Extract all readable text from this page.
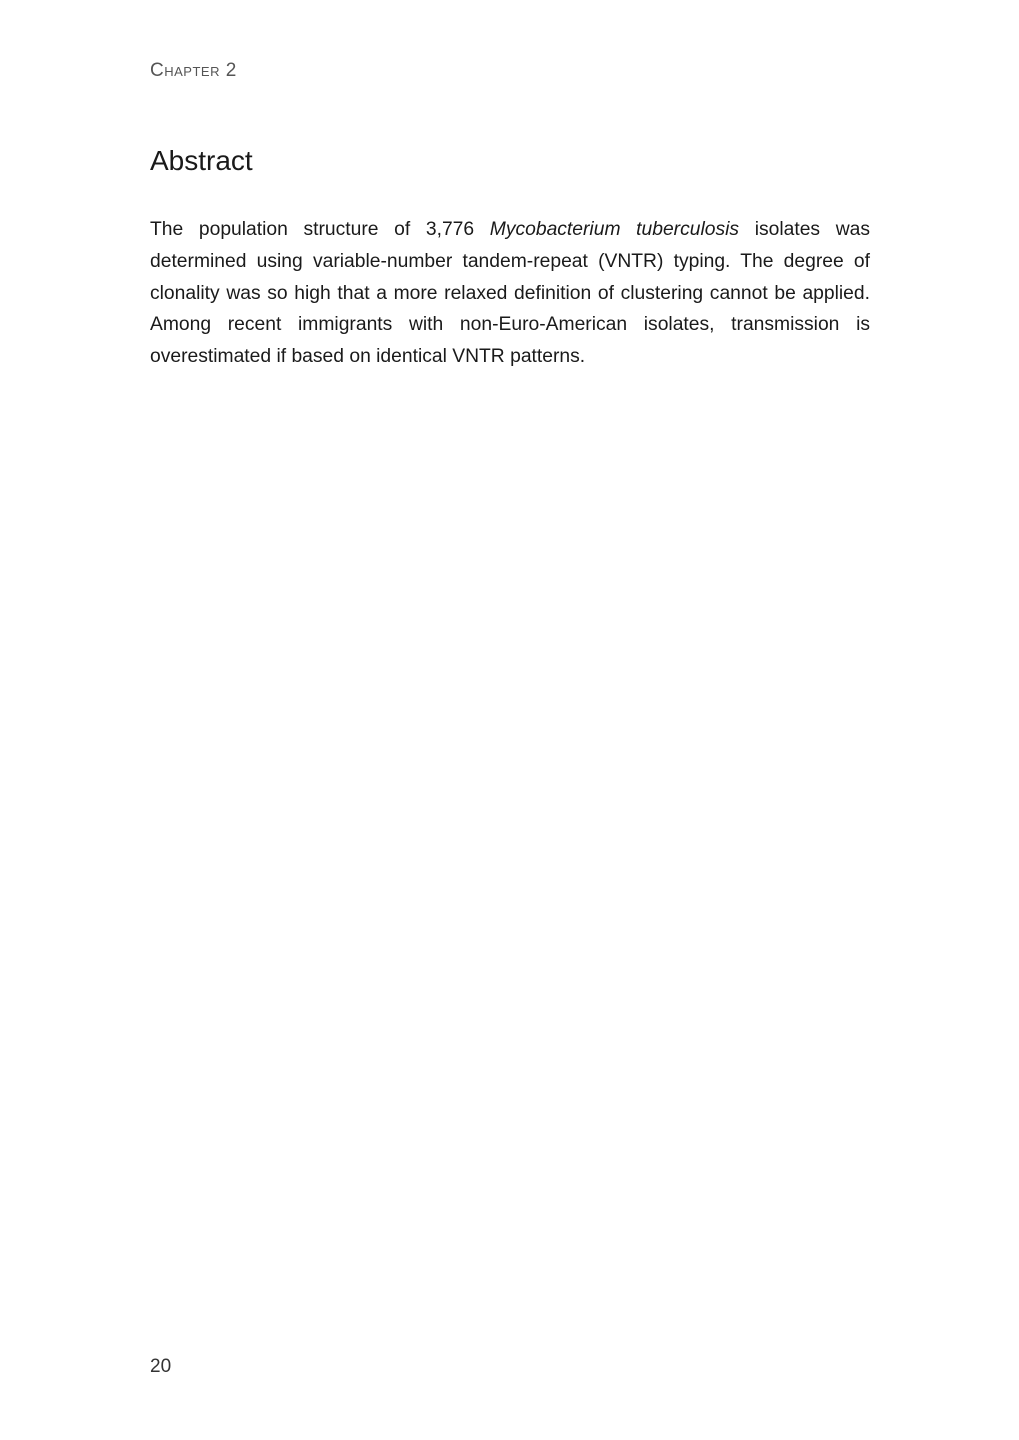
Chapter 2
Abstract

The population structure of 3,776 Mycobacterium tuberculosis isolates was determined using variable-number tandem-repeat (VNTR) typing. The degree of clonality was so high that a more relaxed definition of clustering cannot be applied. Among recent immigrants with non-Euro-American isolates, transmission is overestimated if based on identical VNTR patterns.

20
